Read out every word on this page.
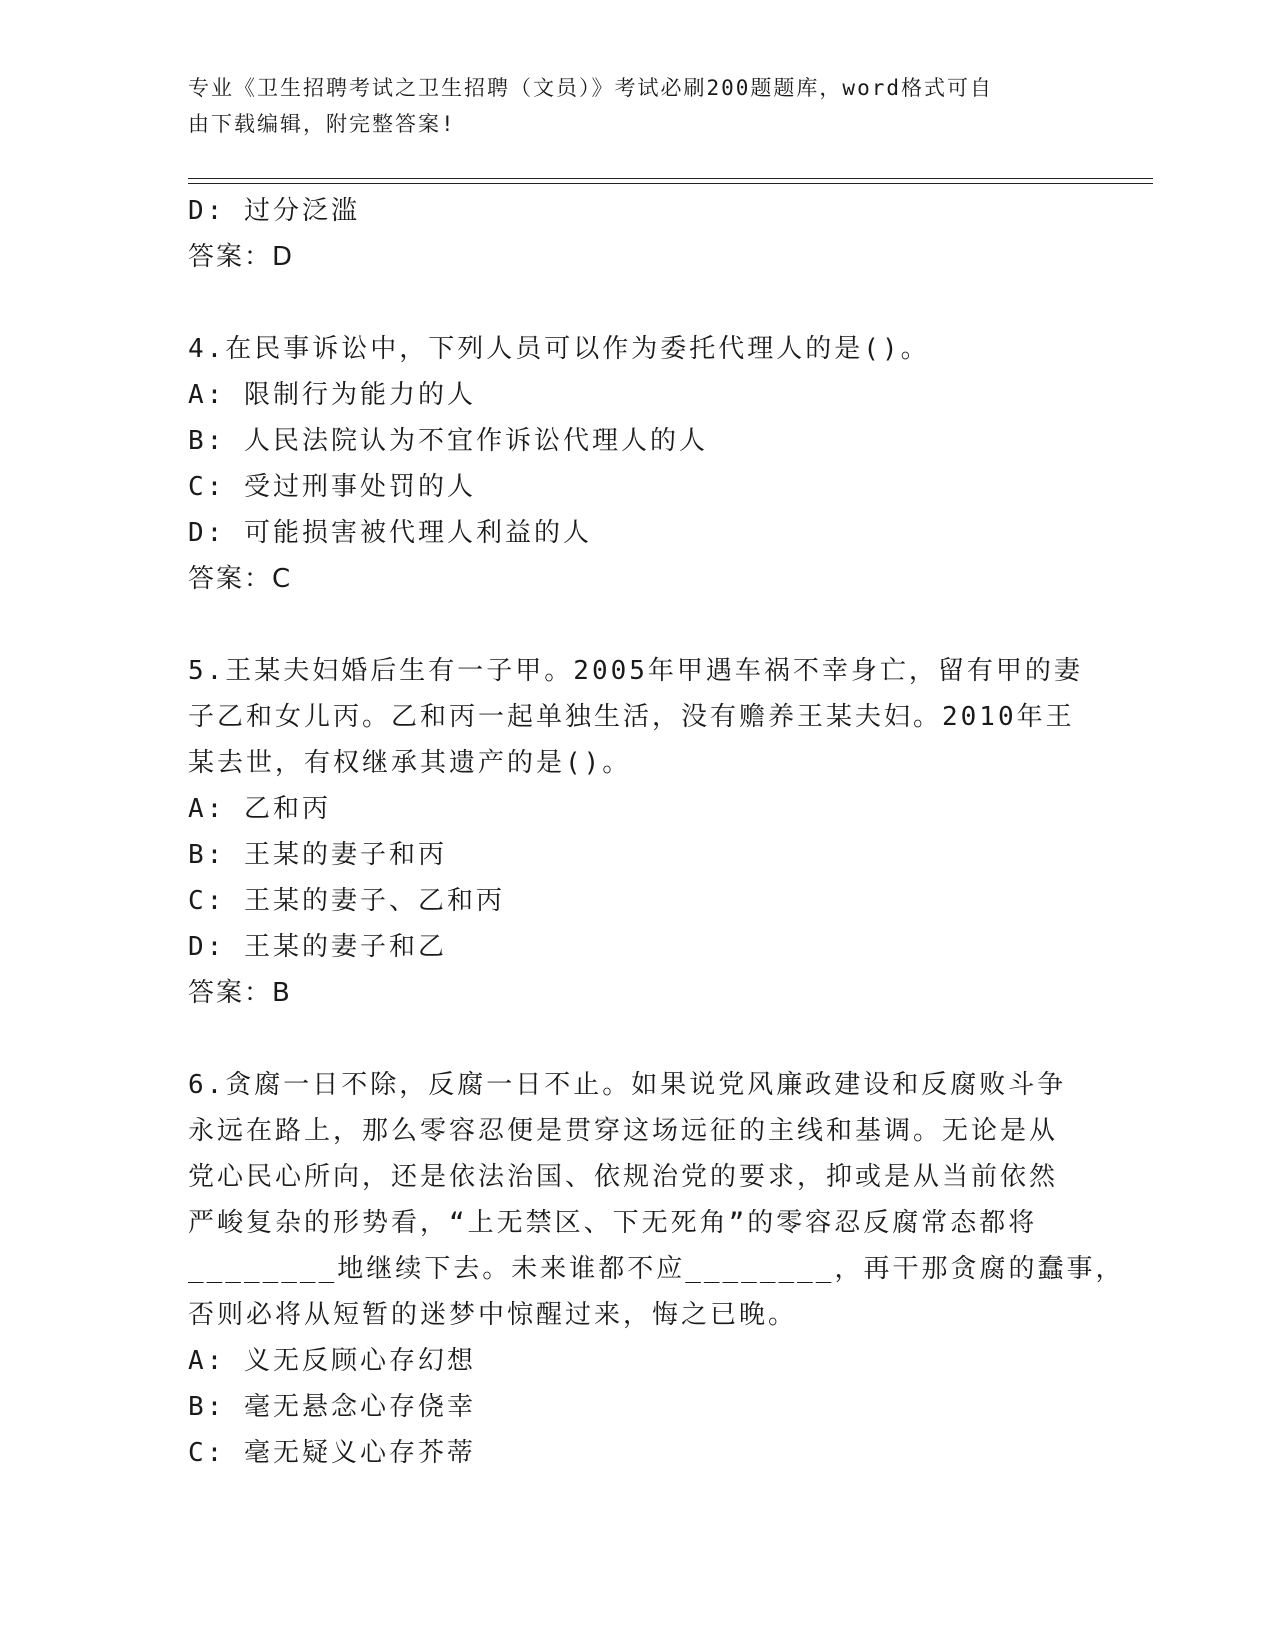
专业《卫生招聘考试之卫生招聘（文员）》考试必刷200题题库，word格式可自
由下载编辑，附完整答案!
D: 过分泛滥
答案：D
4.在民事诉讼中，下列人员可以作为委托代理人的是()。
A: 限制行为能力的人
B: 人民法院认为不宜作诉讼代理人的人
C: 受过刑事处罚的人
D: 可能损害被代理人利益的人
答案：C
5.王某夫妇婚后生有一子甲。2005年甲遇车祸不幸身亡，留有甲的妻
子乙和女儿丙。乙和丙一起单独生活，没有赡养王某夫妇。2010年王
某去世，有权继承其遗产的是()。
A: 乙和丙
B: 王某的妻子和丙
C: 王某的妻子、乙和丙
D: 王某的妻子和乙
答案：B
6.贪腐一日不除，反腐一日不止。如果说党风廉政建设和反腐败斗争
永远在路上，那么零容忍便是贯穿这场远征的主线和基调。无论是从
党心民心所向，还是依法治国、依规治党的要求，抑或是从当前依然
严峻复杂的形势看，“上无禁区、下无死角”的零容忍反腐常态都将
________地继续下去。未来谁都不应________，再干那贪腐的蠢事，
否则必将从短暂的迷梦中惊醒过来，悔之已晚。
A: 义无反顾心存幻想
B: 毫无悬念心存侥幸
C: 毫无疑义心存芥蒂
